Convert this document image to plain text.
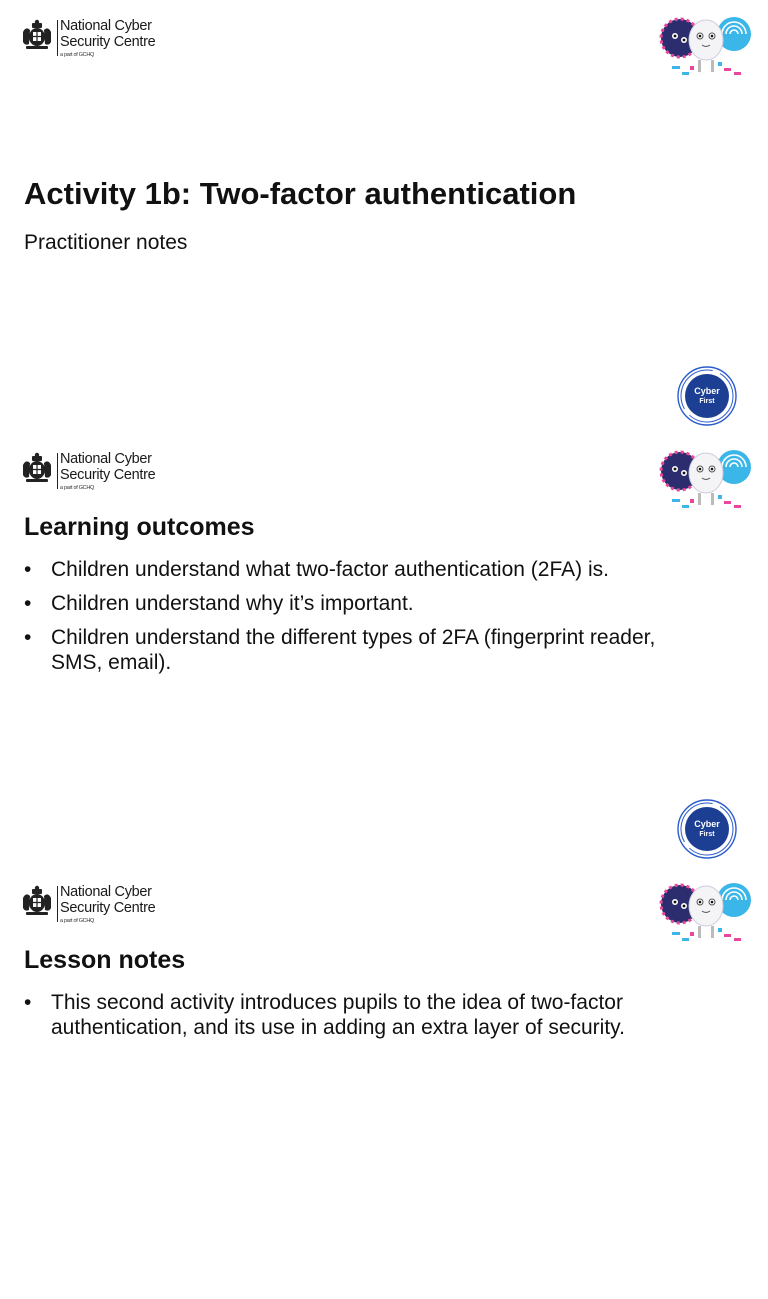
National Cyber
Security Centre
a part of GCHQ
Activity 1b: Two-factor authentication

Practitioner notes

Cyber
First
National Cyber
Security Centre
a part of GCHQ
Learning outcomes
• Children understand what two-factor authentication (2FA) is.
• Children understand why it’s important.
• Children understand the different types of 2FA (fingerprint reader, SMS, email).
Cyber
First
National Cyber
Security Centre
a part of GCHQ
Lesson notes
• This second activity introduces pupils to the idea of two-factor authentication, and its use in adding an extra layer of security.
